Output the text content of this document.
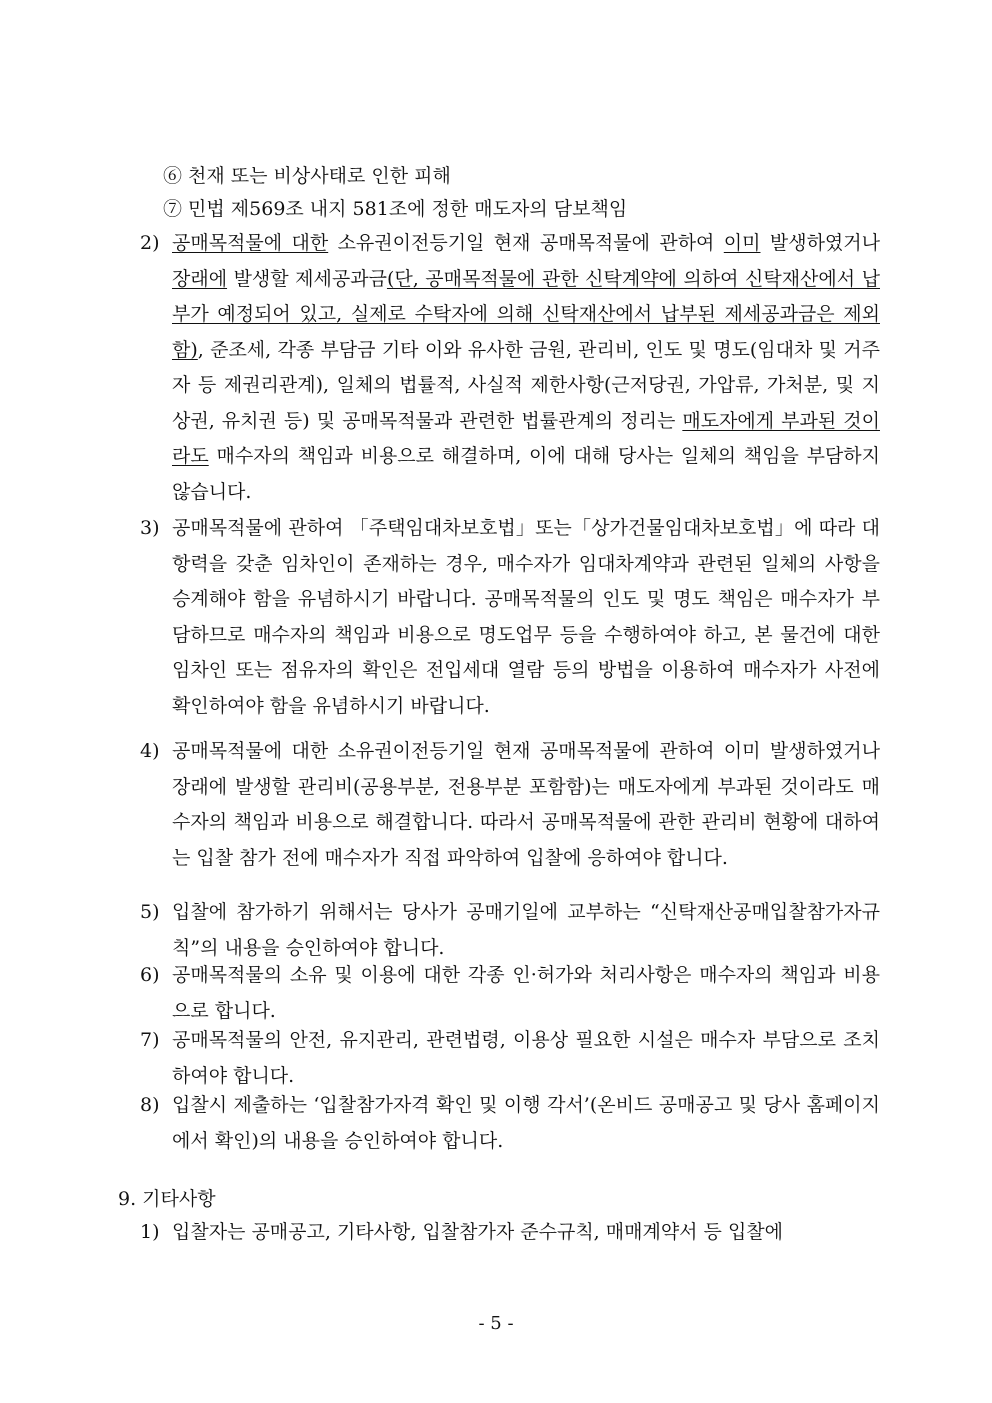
⑥ 천재 또는 비상사태로 인한 피해
⑦ 민법 제569조 내지 581조에 정한 매도자의 담보책임
2) 공매목적물에 대한 소유권이전등기일 현재 공매목적물에 관하여 이미 발생하였거나 장래에 발생할 제세공과금(단, 공매목적물에 관한 신탁계약에 의하여 신탁재산에서 납부가 예정되어 있고, 실제로 수탁자에 의해 신탁재산에서 납부된 제세공과금은 제외함), 준조세, 각종 부담금 기타 이와 유사한 금원, 관리비, 인도 및 명도(임대차 및 거주자 등 제권리관계), 일체의 법률적, 사실적 제한사항(근저당권, 가압류, 가처분, 및 지상권, 유치권 등) 및 공매목적물과 관련한 법률관계의 정리는 매도자에게 부과된 것이라도 매수자의 책임과 비용으로 해결하며, 이에 대해 당사는 일체의 책임을 부담하지 않습니다.
3) 공매목적물에 관하여 「주택임대차보호법」또는「상가건물임대차보호법」에 따라 대항력을 갖춘 임차인이 존재하는 경우, 매수자가 임대차계약과 관련된 일체의 사항을 승계해야 함을 유념하시기 바랍니다. 공매목적물의 인도 및 명도 책임은 매수자가 부담하므로 매수자의 책임과 비용으로 명도업무 등을 수행하여야 하고, 본 물건에 대한 임차인 또는 점유자의 확인은 전입세대 열람 등의 방법을 이용하여 매수자가 사전에 확인하여야 함을 유념하시기 바랍니다.
4) 공매목적물에 대한 소유권이전등기일 현재 공매목적물에 관하여 이미 발생하였거나 장래에 발생할 관리비(공용부분, 전용부분 포함함)는 매도자에게 부과된 것이라도 매수자의 책임과 비용으로 해결합니다. 따라서 공매목적물에 관한 관리비 현황에 대하여는 입찰 참가 전에 매수자가 직접 파악하여 입찰에 응하여야 합니다.
5) 입찰에 참가하기 위해서는 당사가 공매기일에 교부하는 “신탁재산공매입찰참가자규칙”의 내용을 승인하여야 합니다.
6) 공매목적물의 소유 및 이용에 대한 각종 인·허가와 처리사항은 매수자의 책임과 비용으로 합니다.
7) 공매목적물의 안전, 유지관리, 관련법령, 이용상 필요한 시설은 매수자 부담으로 조치하여야 합니다.
8) 입찰시 제출하는 ‘입찰참가자격 확인 및 이행 각서’(온비드 공매공고 및 당사 홈페이지에서 확인)의 내용을 승인하여야 합니다.
9. 기타사항
1) 입찰자는 공매공고, 기타사항, 입찰참가자 준수규칙, 매매계약서 등 입찰에
- 5 -
